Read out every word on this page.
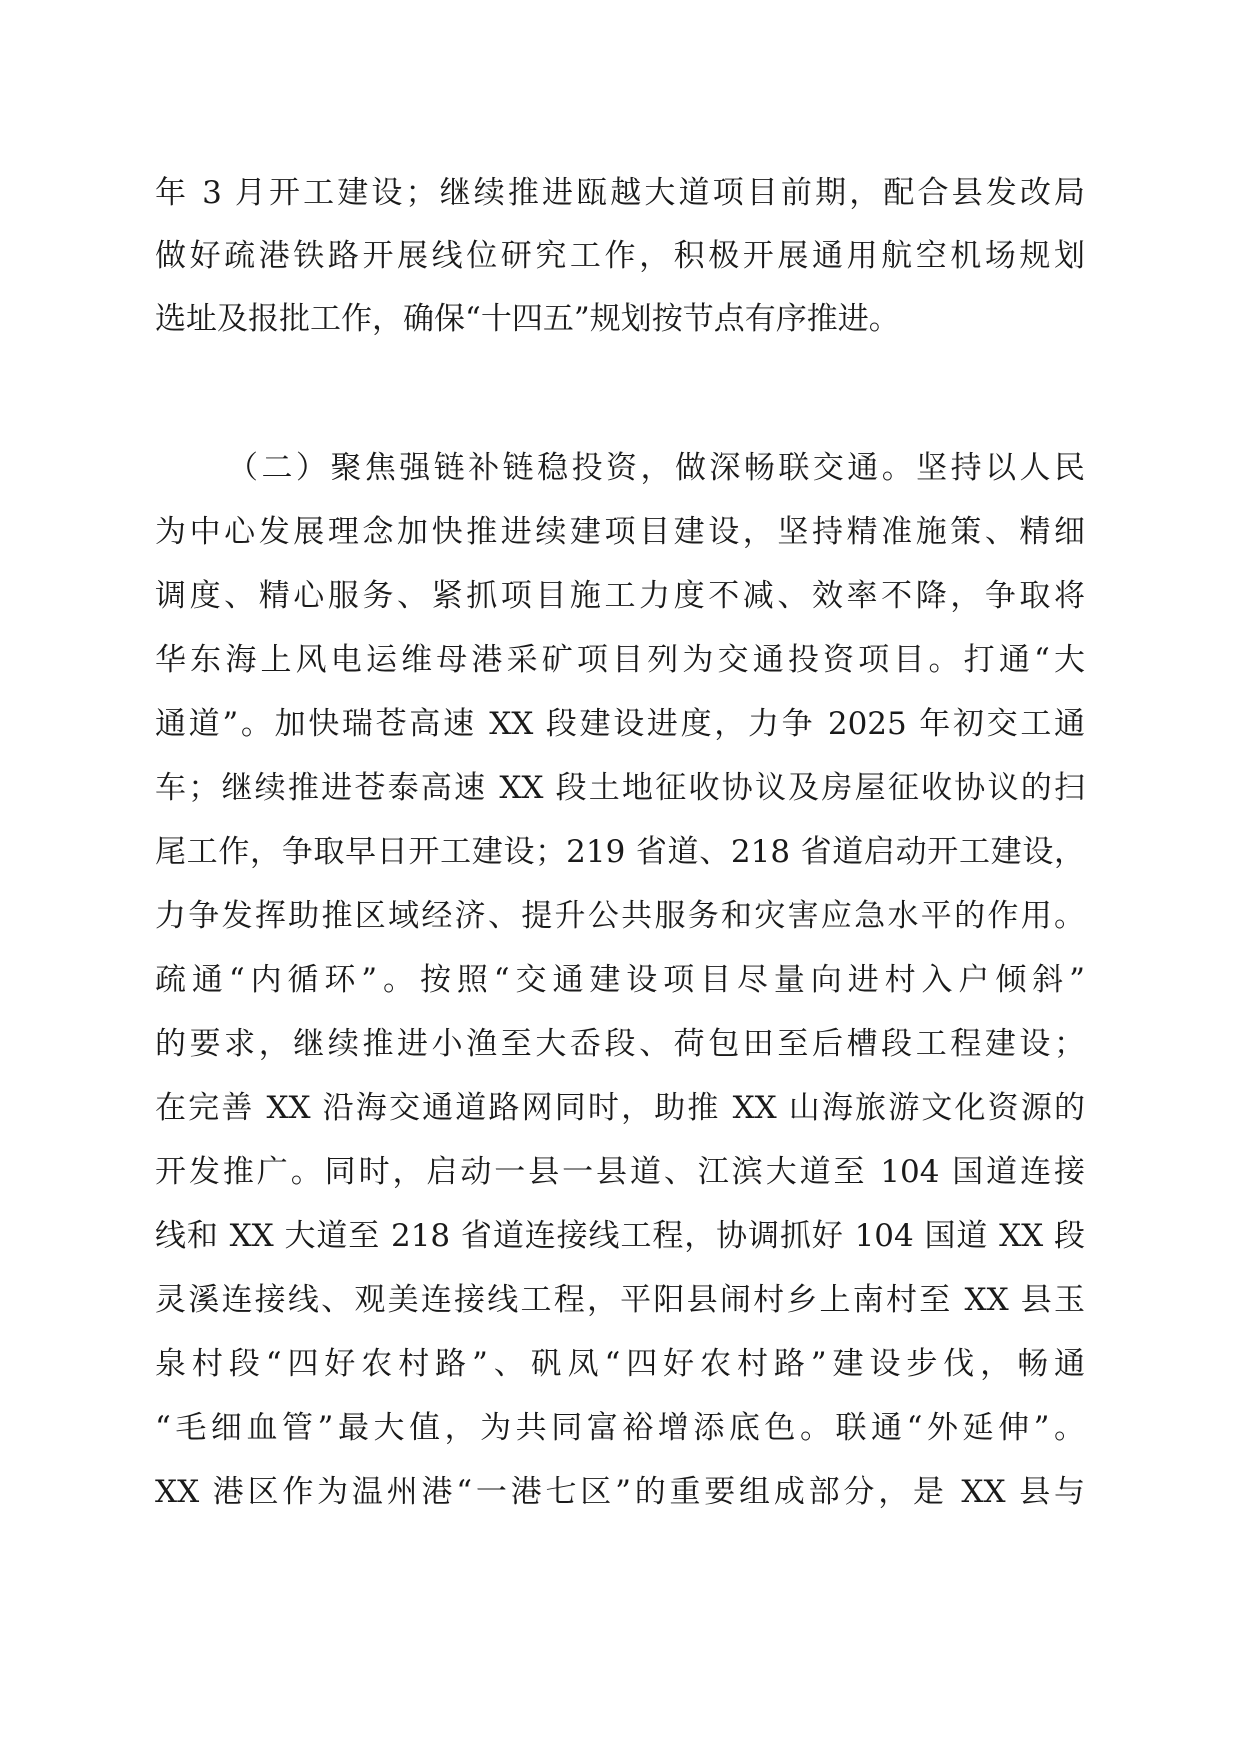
年 3 月开工建设；继续推进瓯越大道项目前期，配合县发改局
做好疏港铁路开展线位研究工作，积极开展通用航空机场规划
选址及报批工作，确保“十四五”规划按节点有序推进。
（二）聚焦强链补链稳投资，做深畅联交通。坚持以人民
为中心发展理念加快推进续建项目建设，坚持精准施策、精细
调度、精心服务、紧抓项目施工力度不减、效率不降，争取将
华东海上风电运维母港采矿项目列为交通投资项目。打通“大
通道”。加快瑞苍高速 XX 段建设进度，力争 2025 年初交工通
车；继续推进苍泰高速 XX 段土地征收协议及房屋征收协议的扫
尾工作，争取早日开工建设；219 省道、218 省道启动开工建设，
力争发挥助推区域经济、提升公共服务和灾害应急水平的作用。
疏通“内循环”。按照“交通建设项目尽量向进村入户倾斜”
的要求，继续推进小渔至大岙段、荷包田至后槽段工程建设；
在完善 XX 沿海交通道路网同时，助推 XX 山海旅游文化资源的
开发推广。同时，启动一县一县道、江滨大道至 104 国道连接
线和 XX 大道至 218 省道连接线工程，协调抓好 104 国道 XX 段
灵溪连接线、观美连接线工程，平阳县闹村乡上南村至 XX 县玉
泉村段“四好农村路”、矾凤“四好农村路”建设步伐，畅通
“毛细血管”最大值，为共同富裕增添底色。联通“外延伸”。
XX 港区作为温州港“一港七区”的重要组成部分，是 XX 县与
